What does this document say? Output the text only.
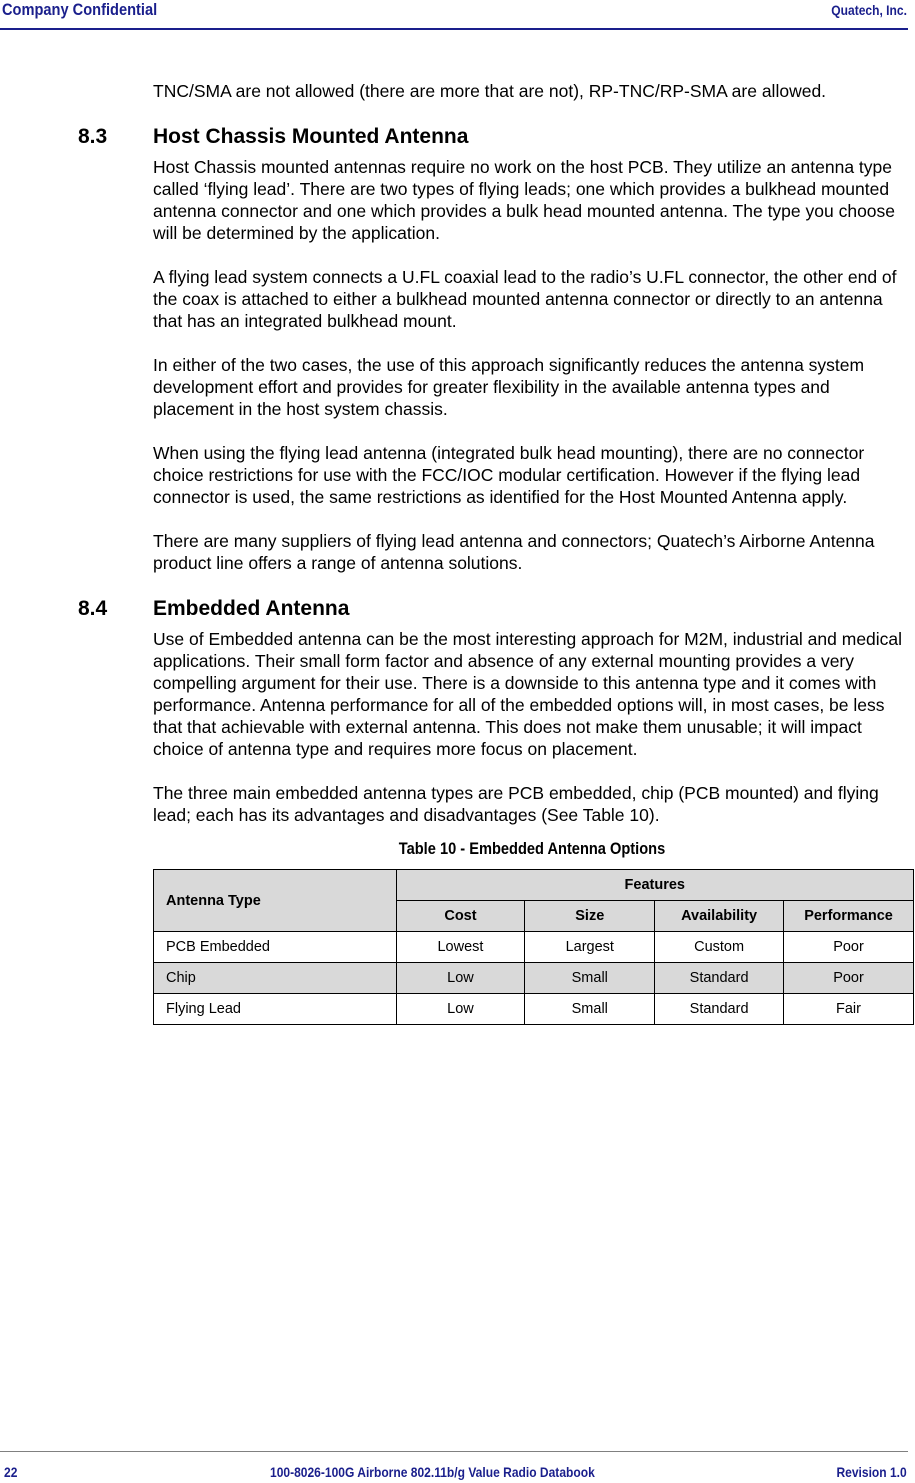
Company Confidential	Quatech, Inc.

TNC/SMA are not allowed (there are more that are not), RP-TNC/RP-SMA are allowed.

8.3 Host Chassis Mounted Antenna

Host Chassis mounted antennas require no work on the host PCB. They utilize an antenna type called ‘flying lead’. There are two types of flying leads; one which provides a bulkhead mounted antenna connector and one which provides a bulk head mounted antenna. The type you choose will be determined by the application.

A flying lead system connects a U.FL coaxial lead to the radio’s U.FL connector, the other end of the coax is attached to either a bulkhead mounted antenna connector or directly to an antenna that has an integrated bulkhead mount.

In either of the two cases, the use of this approach significantly reduces the antenna system development effort and provides for greater flexibility in the available antenna types and placement in the host system chassis.

When using the flying lead antenna (integrated bulk head mounting), there are no connector choice restrictions for use with the FCC/IOC modular certification. However if the flying lead connector is used, the same restrictions as identified for the Host Mounted Antenna apply.

There are many suppliers of flying lead antenna and connectors; Quatech’s Airborne Antenna product line offers a range of antenna solutions.

8.4 Embedded Antenna

Use of Embedded antenna can be the most interesting approach for M2M, industrial and medical applications. Their small form factor and absence of any external mounting provides a very compelling argument for their use. There is a downside to this antenna type and it comes with performance. Antenna performance for all of the embedded options will, in most cases, be less that that achievable with external antenna. This does not make them unusable; it will impact choice of antenna type and requires more focus on placement.

The three main embedded antenna types are PCB embedded, chip (PCB mounted) and flying lead; each has its advantages and disadvantages (See Table 10).

Table 10 - Embedded Antenna Options
Antenna Type	Features			
	Cost	Size	Availability	Performance
PCB Embedded	Lowest	Largest	Custom	Poor
Chip	Low	Small	Standard	Poor
Flying Lead	Low	Small	Standard	Fair
22	100-8026-100G Airborne 802.11b/g Value Radio Databook	Revision 1.0
